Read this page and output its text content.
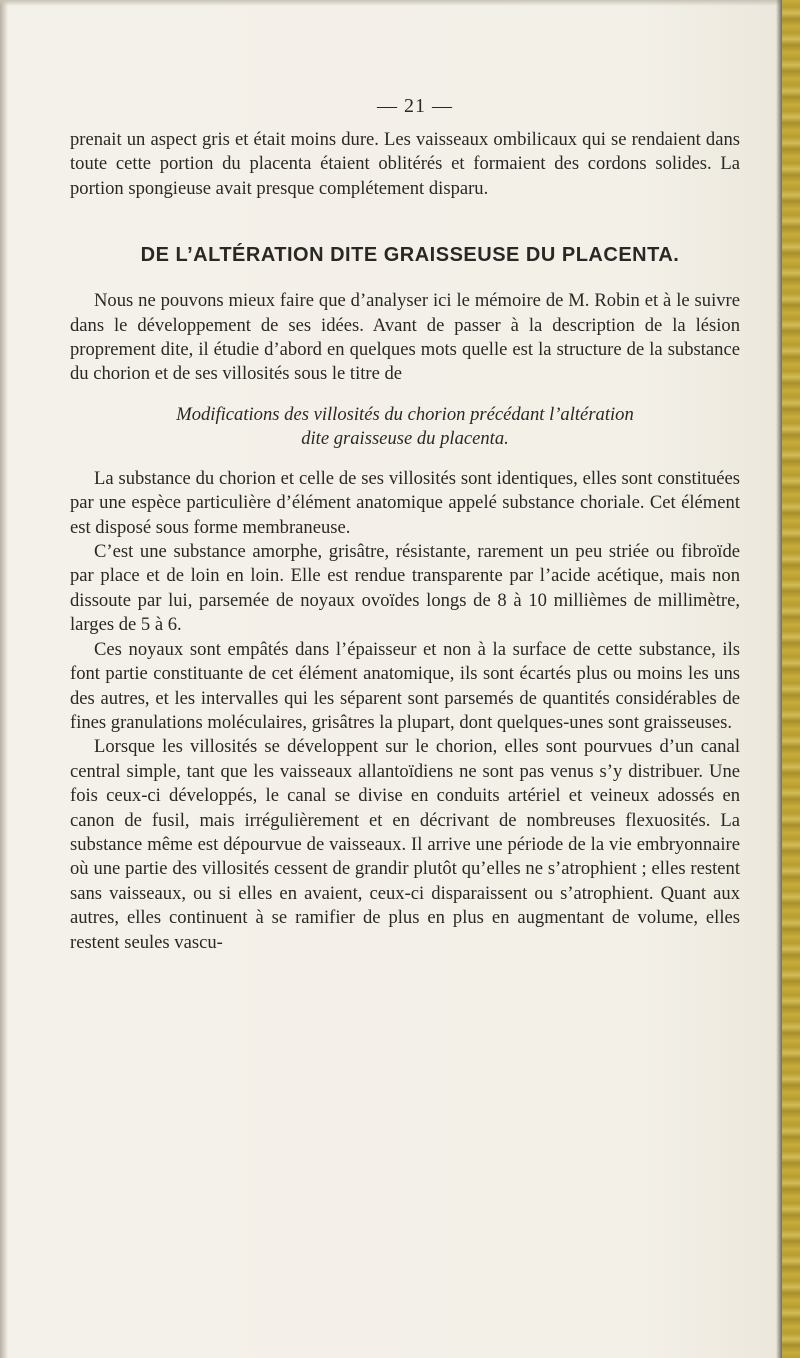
— 21 —

prenait un aspect gris et était moins dure. Les vaisseaux ombilicaux qui se rendaient dans toute cette portion du placenta étaient oblitérés et formaient des cordons solides. La portion spongieuse avait presque complétement disparu.

DE L’ALTÉRATION DITE GRAISSEUSE DU PLACENTA.

Nous ne pouvons mieux faire que d’analyser ici le mémoire de M. Robin et à le suivre dans le développement de ses idées. Avant de passer à la description de la lésion proprement dite, il étudie d’abord en quelques mots quelle est la structure de la substance du chorion et de ses villosités sous le titre de

Modifications des villosités du chorion précédant l’altération
dite graisseuse du placenta.

La substance du chorion et celle de ses villosités sont identiques, elles sont constituées par une espèce particulière d’élément anatomique appelé substance choriale. Cet élément est disposé sous forme membraneuse.

C’est une substance amorphe, grisâtre, résistante, rarement un peu striée ou fibroïde par place et de loin en loin. Elle est rendue transparente par l’acide acétique, mais non dissoute par lui, parsemée de noyaux ovoïdes longs de 8 à 10 millièmes de millimètre, larges de 5 à 6.

Ces noyaux sont empâtés dans l’épaisseur et non à la surface de cette substance, ils font partie constituante de cet élément anatomique, ils sont écartés plus ou moins les uns des autres, et les intervalles qui les séparent sont parsemés de quantités considérables de fines granulations moléculaires, grisâtres la plupart, dont quelques-unes sont graisseuses.

Lorsque les villosités se développent sur le chorion, elles sont pourvues d’un canal central simple, tant que les vaisseaux allantoïdiens ne sont pas venus s’y distribuer. Une fois ceux-ci développés, le canal se divise en conduits artériel et veineux adossés en canon de fusil, mais irrégulièrement et en décrivant de nombreuses flexuosités. La substance même est dépourvue de vaisseaux. Il arrive une période de la vie embryonnaire où une partie des villosités cessent de grandir plutôt qu’elles ne s’atrophient ; elles restent sans vaisseaux, ou si elles en avaient, ceux-ci disparaissent ou s’atrophient. Quant aux autres, elles continuent à se ramifier de plus en plus en augmentant de volume, elles restent seules vascu-
